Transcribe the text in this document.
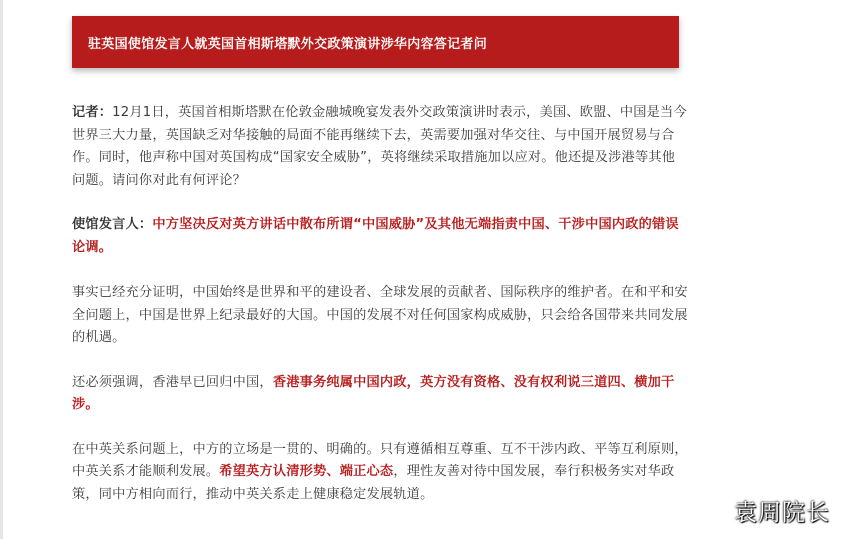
驻英国使馆发言人就英国首相斯塔默外交政策演讲涉华内容答记者问

记者：12月1日，英国首相斯塔默在伦敦金融城晚宴发表外交政策演讲时表示，美国、欧盟、中国是当今世界三大力量，英国缺乏对华接触的局面不能再继续下去，英需要加强对华交往、与中国开展贸易与合作。同时，他声称中国对英国构成“国家安全威胁”，英将继续采取措施加以应对。他还提及涉港等其他问题。请问你对此有何评论？

使馆发言人：中方坚决反对英方讲话中散布所谓“中国威胁”及其他无端指责中国、干涉中国内政的错误论调。

事实已经充分证明，中国始终是世界和平的建设者、全球发展的贡献者、国际秩序的维护者。在和平和安全问题上，中国是世界上纪录最好的大国。中国的发展不对任何国家构成威胁，只会给各国带来共同发展的机遇。

还必须强调，香港早已回归中国，香港事务纯属中国内政，英方没有资格、没有权利说三道四、横加干涉。

在中英关系问题上，中方的立场是一贯的、明确的。只有遵循相互尊重、互不干涉内政、平等互利原则，中英关系才能顺利发展。希望英方认清形势、端正心态，理性友善对待中国发展，奉行积极务实对华政策，同中方相向而行，推动中英关系走上健康稳定发展轨道。

袁周院长
